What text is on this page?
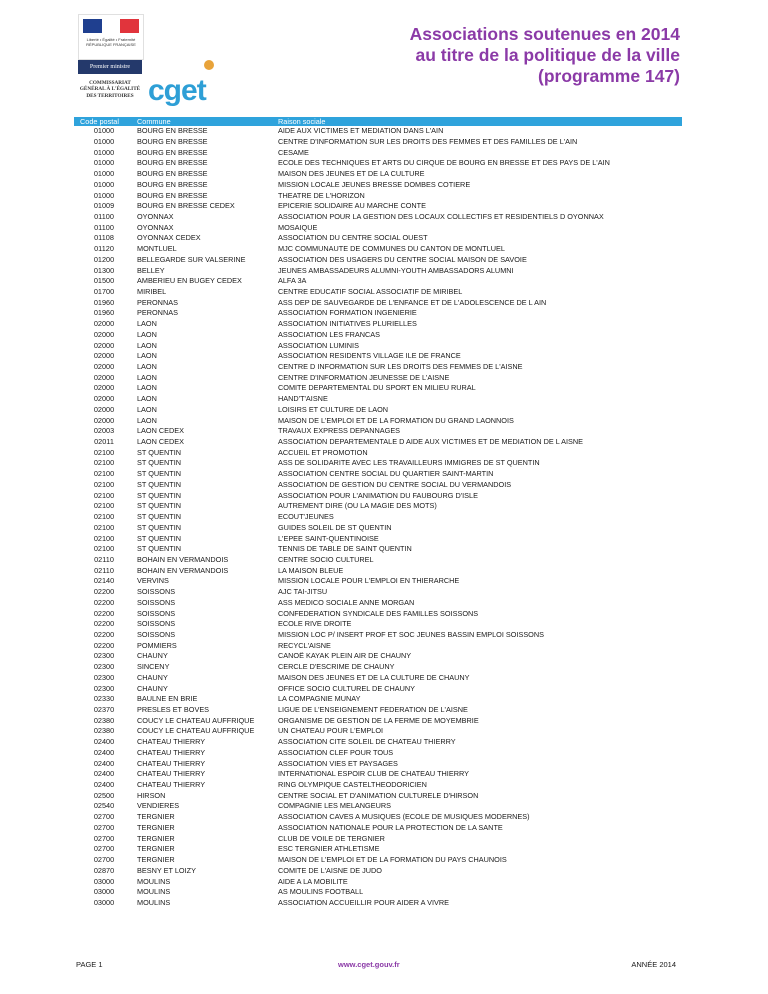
Liberté • Égalité • Fraternité RÉPUBLIQUE FRANÇAISE
Premier ministre
COMMISSARIAT GÉNÉRAL À L'ÉGALITÉ DES TERRITOIRES cget
Associations soutenues en 2014
au titre de la politique de la ville
(programme 147)
Code postal	Commune	Raison sociale
01000	BOURG EN BRESSE	AIDE AUX VICTIMES ET MEDIATION DANS L'AIN
01000	BOURG EN BRESSE	CENTRE D'INFORMATION SUR LES DROITS DES FEMMES ET DES FAMILLES DE L'AIN
01000	BOURG EN BRESSE	CESAME
01000	BOURG EN BRESSE	ECOLE DES TECHNIQUES ET ARTS DU CIRQUE DE BOURG EN BRESSE ET DES PAYS DE L'AIN
01000	BOURG EN BRESSE	MAISON DES JEUNES ET DE LA CULTURE
01000	BOURG EN BRESSE	MISSION LOCALE JEUNES BRESSE DOMBES COTIERE
01000	BOURG EN BRESSE	THEATRE DE L'HORIZON
01009	BOURG EN BRESSE CEDEX	EPICERIE SOLIDAIRE AU MARCHE CONTE
01100	OYONNAX	ASSOCIATION POUR LA GESTION DES LOCAUX COLLECTIFS ET RESIDENTIELS D OYONNAX
01100	OYONNAX	MOSAIQUE
01108	OYONNAX CEDEX	ASSOCIATION DU CENTRE SOCIAL OUEST
01120	MONTLUEL	MJC COMMUNAUTE DE COMMUNES DU CANTON DE MONTLUEL
01200	BELLEGARDE SUR VALSERINE	ASSOCIATION DES USAGERS DU CENTRE SOCIAL MAISON DE SAVOIE
01300	BELLEY	JEUNES AMBASSADEURS ALUMNI-YOUTH AMBASSADORS ALUMNI
01500	AMBERIEU EN BUGEY CEDEX	ALFA 3A
01700	MIRIBEL	CENTRE EDUCATIF SOCIAL ASSOCIATIF DE MIRIBEL
01960	PERONNAS	ASS DEP DE SAUVEGARDE DE L'ENFANCE ET DE L'ADOLESCENCE DE L AIN
01960	PERONNAS	ASSOCIATION FORMATION INGENIERIE
02000	LAON	ASSOCIATION INITIATIVES PLURIELLES
02000	LAON	ASSOCIATION LES FRANCAS
02000	LAON	ASSOCIATION LUMINIS
02000	LAON	ASSOCIATION RESIDENTS VILLAGE ILE DE FRANCE
02000	LAON	CENTRE D INFORMATION SUR LES DROITS DES FEMMES DE L'AISNE
02000	LAON	CENTRE D'INFORMATION JEUNESSE DE L'AISNE
02000	LAON	COMITE DEPARTEMENTAL DU SPORT EN MILIEU RURAL
02000	LAON	HAND'T'AISNE
02000	LAON	LOISIRS ET CULTURE DE LAON
02000	LAON	MAISON DE L'EMPLOI ET DE LA FORMATION DU GRAND LAONNOIS
02003	LAON CEDEX	TRAVAUX EXPRESS DEPANNAGES
02011	LAON CEDEX	ASSOCIATION DEPARTEMENTALE D AIDE AUX VICTIMES ET DE MEDIATION DE L AISNE
02100	ST QUENTIN	ACCUEIL ET PROMOTION
02100	ST QUENTIN	ASS DE SOLIDARITE AVEC LES TRAVAILLEURS IMMIGRES DE ST QUENTIN
02100	ST QUENTIN	ASSOCIATION CENTRE SOCIAL DU QUARTIER SAINT-MARTIN
02100	ST QUENTIN	ASSOCIATION DE GESTION DU CENTRE SOCIAL DU VERMANDOIS
02100	ST QUENTIN	ASSOCIATION POUR L'ANIMATION DU FAUBOURG D'ISLE
02100	ST QUENTIN	AUTREMENT DIRE (OU LA MAGIE DES MOTS)
02100	ST QUENTIN	ECOUT'JEUNES
02100	ST QUENTIN	GUIDES SOLEIL DE ST QUENTIN
02100	ST QUENTIN	L'EPEE SAINT-QUENTINOISE
02100	ST QUENTIN	TENNIS DE TABLE DE SAINT QUENTIN
02110	BOHAIN EN VERMANDOIS	CENTRE SOCIO CULTUREL
02110	BOHAIN EN VERMANDOIS	LA MAISON BLEUE
02140	VERVINS	MISSION LOCALE POUR L'EMPLOI EN THIERARCHE
02200	SOISSONS	AJC TAI-JITSU
02200	SOISSONS	ASS MEDICO SOCIALE ANNE MORGAN
02200	SOISSONS	CONFEDERATION SYNDICALE DES FAMILLES SOISSONS
02200	SOISSONS	ECOLE RIVE DROITE
02200	SOISSONS	MISSION LOC P/ INSERT PROF ET SOC JEUNES BASSIN EMPLOI SOISSONS
02200	POMMIERS	RECYCL'AISNE
02300	CHAUNY	CANOË KAYAK PLEIN AIR DE CHAUNY
02300	SINCENY	CERCLE D'ESCRIME DE CHAUNY
02300	CHAUNY	MAISON DES JEUNES ET DE LA CULTURE DE CHAUNY
02300	CHAUNY	OFFICE SOCIO CULTUREL DE CHAUNY
02330	BAULNE EN BRIE	LA COMPAGNIE MUNAY
02370	PRESLES ET BOVES	LIGUE DE L'ENSEIGNEMENT FEDERATION DE L'AISNE
02380	COUCY LE CHATEAU AUFFRIQUE	ORGANISME DE GESTION DE LA FERME DE MOYEMBRIE
02380	COUCY LE CHATEAU AUFFRIQUE	UN CHATEAU POUR L'EMPLOI
02400	CHATEAU THIERRY	ASSOCIATION CITE SOLEIL DE CHATEAU THIERRY
02400	CHATEAU THIERRY	ASSOCIATION CLEF POUR TOUS
02400	CHATEAU THIERRY	ASSOCIATION VIES ET PAYSAGES
02400	CHATEAU THIERRY	INTERNATIONAL ESPOIR CLUB DE CHATEAU THIERRY
02400	CHATEAU THIERRY	RING OLYMPIQUE CASTELTHEODORICIEN
02500	HIRSON	CENTRE SOCIAL ET D'ANIMATION CULTURELE D'HIRSON
02540	VENDIERES	COMPAGNIE LES MELANGEURS
02700	TERGNIER	ASSOCIATION CAVES A MUSIQUES (ECOLE DE MUSIQUES MODERNES)
02700	TERGNIER	ASSOCIATION NATIONALE POUR LA PROTECTION DE LA SANTE
02700	TERGNIER	CLUB DE VOILE DE TERGNIER
02700	TERGNIER	ESC TERGNIER ATHLETISME
02700	TERGNIER	MAISON DE L'EMPLOI ET DE LA FORMATION DU PAYS CHAUNOIS
02870	BESNY ET LOIZY	COMITE DE L'AISNE DE JUDO
03000	MOULINS	AIDE A LA MOBILITE
03000	MOULINS	AS MOULINS FOOTBALL
03000	MOULINS	ASSOCIATION ACCUEILLIR POUR AIDER A VIVRE
PAGE 1	www.cget.gouv.fr	ANNÉE 2014
